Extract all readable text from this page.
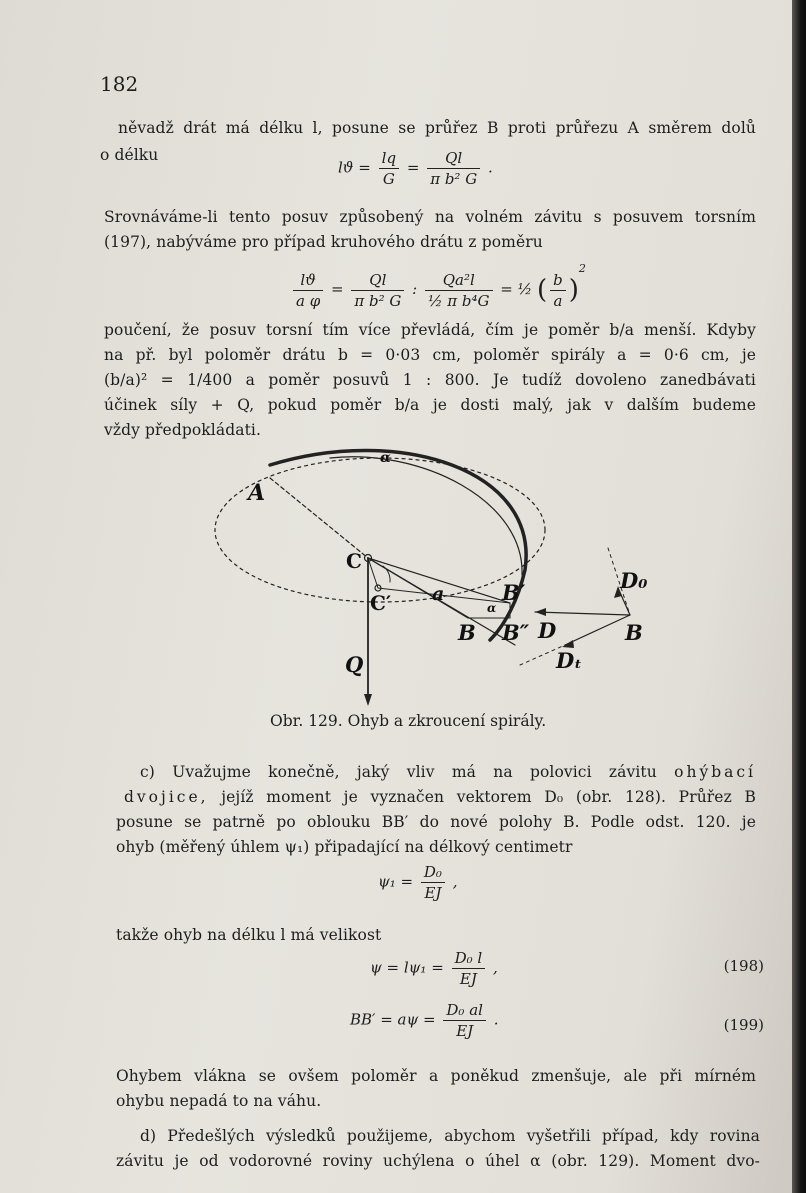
182
něvadž drát má délku l, posune se průřez B proti průřezu A směrem dolů
o délku
$lϑ = \frac{lq}{G} = \frac{Ql}{\text{π b² G}}$ .
Srovnáváme-li tento posuv způsobený na volném závitu s posuvem torsním
(197), nabýváme pro případ kruhového drátu z poměru
$\frac{lϑ}{\text{a φ}} = \frac{Ql}{\text{π b² G}}$ : $\frac{\text{Qa²l}}{\text{½ π b⁴G}}$ = ½ ( $\frac{b}{a} )^2$
poučení, že posuv torsní tím více převládá, čím je poměr b/a menší. Kdyby
na př. byl poloměr drátu b = 0·03 cm, poloměr spirály a = 0·6 cm, je
(b/a)² = 1/400 a poměr posuvů 1 : 800. Je tudíž dovoleno zanedbávati
účinek síly + Q, pokud poměr b/a je dosti malý, jak v dalším budeme
vždy předpokládati.
A
α
C
C′ a	B′
α
B B″ D
D₀
Dₜ
B
Q
Obr. 129. Ohyb a zkroucení spirály.
c) Uvažujme konečně, jaký vliv má na polovici závitu ohýbací
dvojice, jejíž moment je vyznačen vektorem D₀ (obr. 128). Průřez B
posune se patrně po oblouku BB′ do nové polohy B. Podle odst. 120. je
ohyb (měřený úhlem ψ₁) připadající na délkový centimetr
$\psi_1 = \frac{\text{D₀}}{EJ}$ ,
takže ohyb na délku l má velikost
$\psi = l\psi_1 = \frac{\text{D₀ l}}{EJ}$ ,	(198)
$BB' = a\psi = \frac{\text{D₀ al}}{EJ}$ .	(199)
Ohybem vlákna se ovšem poloměr a poněkud zmenšuje, ale při mírném
ohybu nepadá to na váhu.
d) Předešlých výsledků použijeme, abychom vyšetřili případ, kdy rovina
závitu je od vodorovné roviny uchýlena o úhel α (obr. 129). Moment dvo-
